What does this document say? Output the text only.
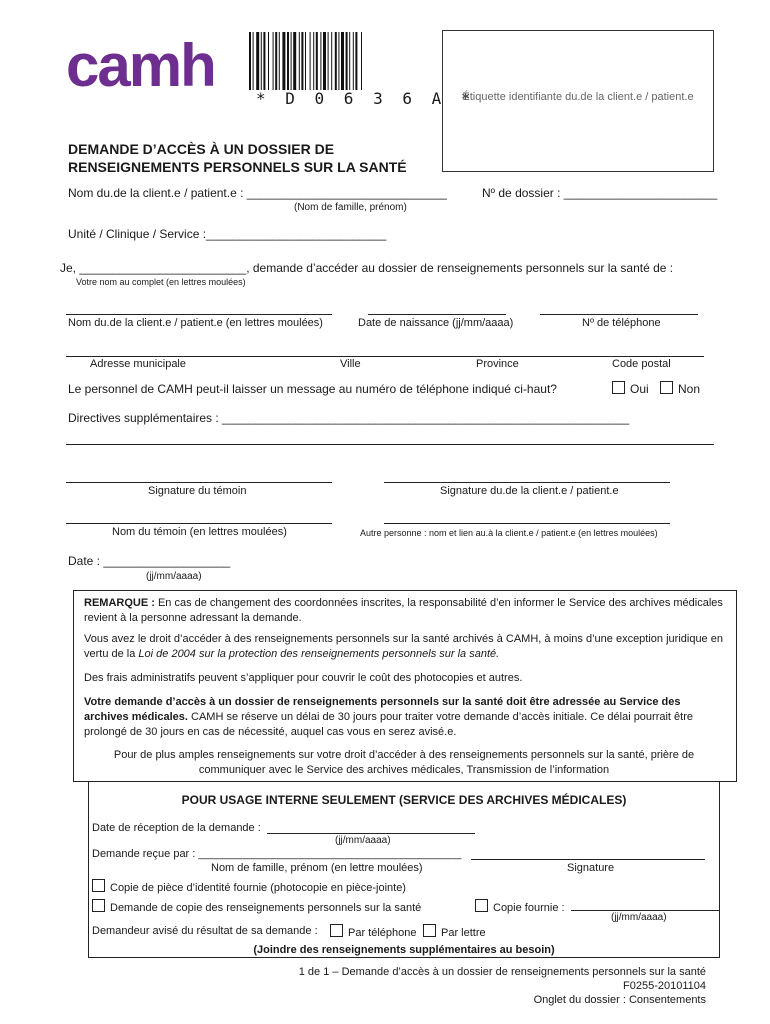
camh	* D 0 6 3 6 A *
Étiquette identifiante du.de la client.e / patient.e
DEMANDE D’ACCÈS À UN DOSSIER DE
RENSEIGNEMENTS PERSONNELS SUR LA SANTÉ
Nom du.de la client.e / patient.e : ______________________________	Nº de dossier : _______________________
(Nom de famille, prénom)
Unité / Clinique / Service :___________________________
Je, _________________________, demande d’accéder au dossier de renseignements personnels sur la santé de :
Votre nom au complet (en lettres moulées)
Nom du.de la client.e / patient.e (en lettres moulées)	Date de naissance (jj/mm/aaaa)	Nº de téléphone
Adresse municipale	Ville	Province	Code postal
Le personnel de CAMH peut-il laisser un message au numéro de téléphone indiqué ci-haut?	Oui	Non
Directives supplémentaires : _____________________________________________________________
Signature du témoin	Signature du.de la client.e / patient.e
Nom du témoin (en lettres moulées)	Autre personne : nom et lien au.à la client.e / patient.e (en lettres moulées)
Date : ___________________
(jj/mm/aaaa)
REMARQUE : En cas de changement des coordonnées inscrites, la responsabilité d’en informer le Service des archives médicales revient à la personne adressant la demande.
Vous avez le droit d’accéder à des renseignements personnels sur la santé archivés à CAMH, à moins d’une exception juridique en vertu de la Loi de 2004 sur la protection des renseignements personnels sur la santé.
Des frais administratifs peuvent s’appliquer pour couvrir le coût des photocopies et autres.
Votre demande d’accès à un dossier de renseignements personnels sur la santé doit être adressée au Service des archives médicales. CAMH se réserve un délai de 30 jours pour traiter votre demande d’accès initiale. Ce délai pourrait être prolongé de 30 jours en cas de nécessité, auquel cas vous en serez avisé.e.
Pour de plus amples renseignements sur votre droit d’accéder à des renseignements personnels sur la santé, prière de communiquer avec le Service des archives médicales, Transmission de l’information
POUR USAGE INTERNE SEULEMENT (SERVICE DES ARCHIVES MÉDICALES)
Date de réception de la demande :
(jj/mm/aaaa)
Demande reçue par : ___________________________________________
Nom de famille, prénom (en lettre moulées)	Signature
Copie de pièce d’identité fournie (photocopie en pièce-jointe)
Demande de copie des renseignements personnels sur la santé	Copie fournie :
(jj/mm/aaaa)
Demandeur avisé du résultat de sa demande :	Par téléphone	Par lettre
(Joindre des renseignements supplémentaires au besoin)
1 de 1 – Demande d’accès à un dossier de renseignements personnels sur la santé
F0255-20101104
Onglet du dossier : Consentements
